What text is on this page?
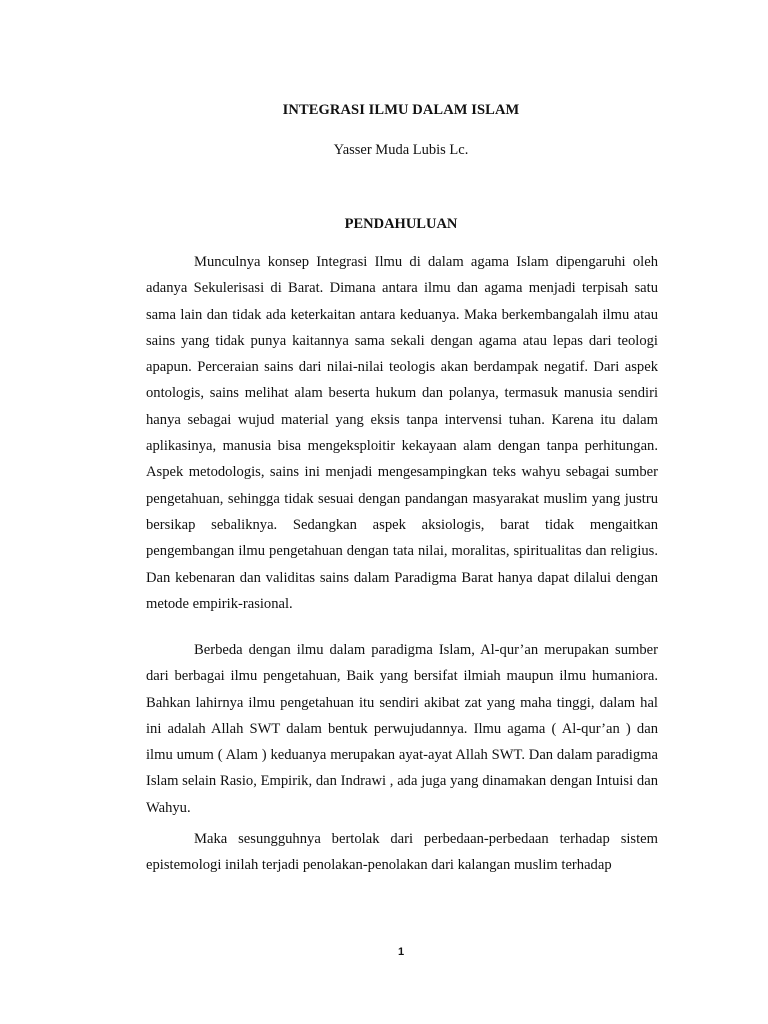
INTEGRASI ILMU DALAM ISLAM
Yasser Muda Lubis Lc.
PENDAHULUAN

Munculnya konsep Integrasi Ilmu di dalam agama Islam dipengaruhi oleh adanya Sekulerisasi di Barat. Dimana antara ilmu dan agama menjadi terpisah satu sama lain dan tidak ada keterkaitan antara keduanya. Maka berkembangalah ilmu atau sains yang tidak punya kaitannya sama sekali dengan agama atau lepas dari teologi apapun. Perceraian sains dari nilai-nilai teologis akan berdampak negatif. Dari aspek ontologis, sains melihat alam beserta hukum dan polanya, termasuk manusia sendiri hanya sebagai wujud material yang eksis tanpa intervensi tuhan. Karena itu dalam aplikasinya, manusia bisa mengeksploitir kekayaan alam dengan tanpa perhitungan. Aspek metodologis, sains ini menjadi mengesampingkan teks wahyu sebagai sumber pengetahuan, sehingga tidak sesuai dengan pandangan masyarakat muslim yang justru bersikap sebaliknya. Sedangkan aspek aksiologis, barat tidak mengaitkan pengembangan ilmu pengetahuan dengan tata nilai, moralitas, spiritualitas dan religius. Dan kebenaran dan validitas sains dalam Paradigma Barat hanya dapat dilalui dengan metode empirik-rasional.

Berbeda dengan ilmu dalam paradigma Islam, Al-qur’an merupakan sumber dari berbagai ilmu pengetahuan, Baik yang bersifat ilmiah maupun ilmu humaniora. Bahkan lahirnya ilmu pengetahuan itu sendiri akibat zat yang maha tinggi, dalam hal ini adalah Allah SWT dalam bentuk perwujudannya. Ilmu agama ( Al-qur’an ) dan ilmu umum ( Alam ) keduanya merupakan ayat-ayat Allah SWT. Dan dalam paradigma Islam selain Rasio, Empirik, dan Indrawi , ada juga yang dinamakan dengan Intuisi dan Wahyu.

Maka sesungguhnya bertolak dari perbedaan-perbedaan terhadap sistem epistemologi inilah terjadi penolakan-penolakan dari kalangan muslim terhadap

1
